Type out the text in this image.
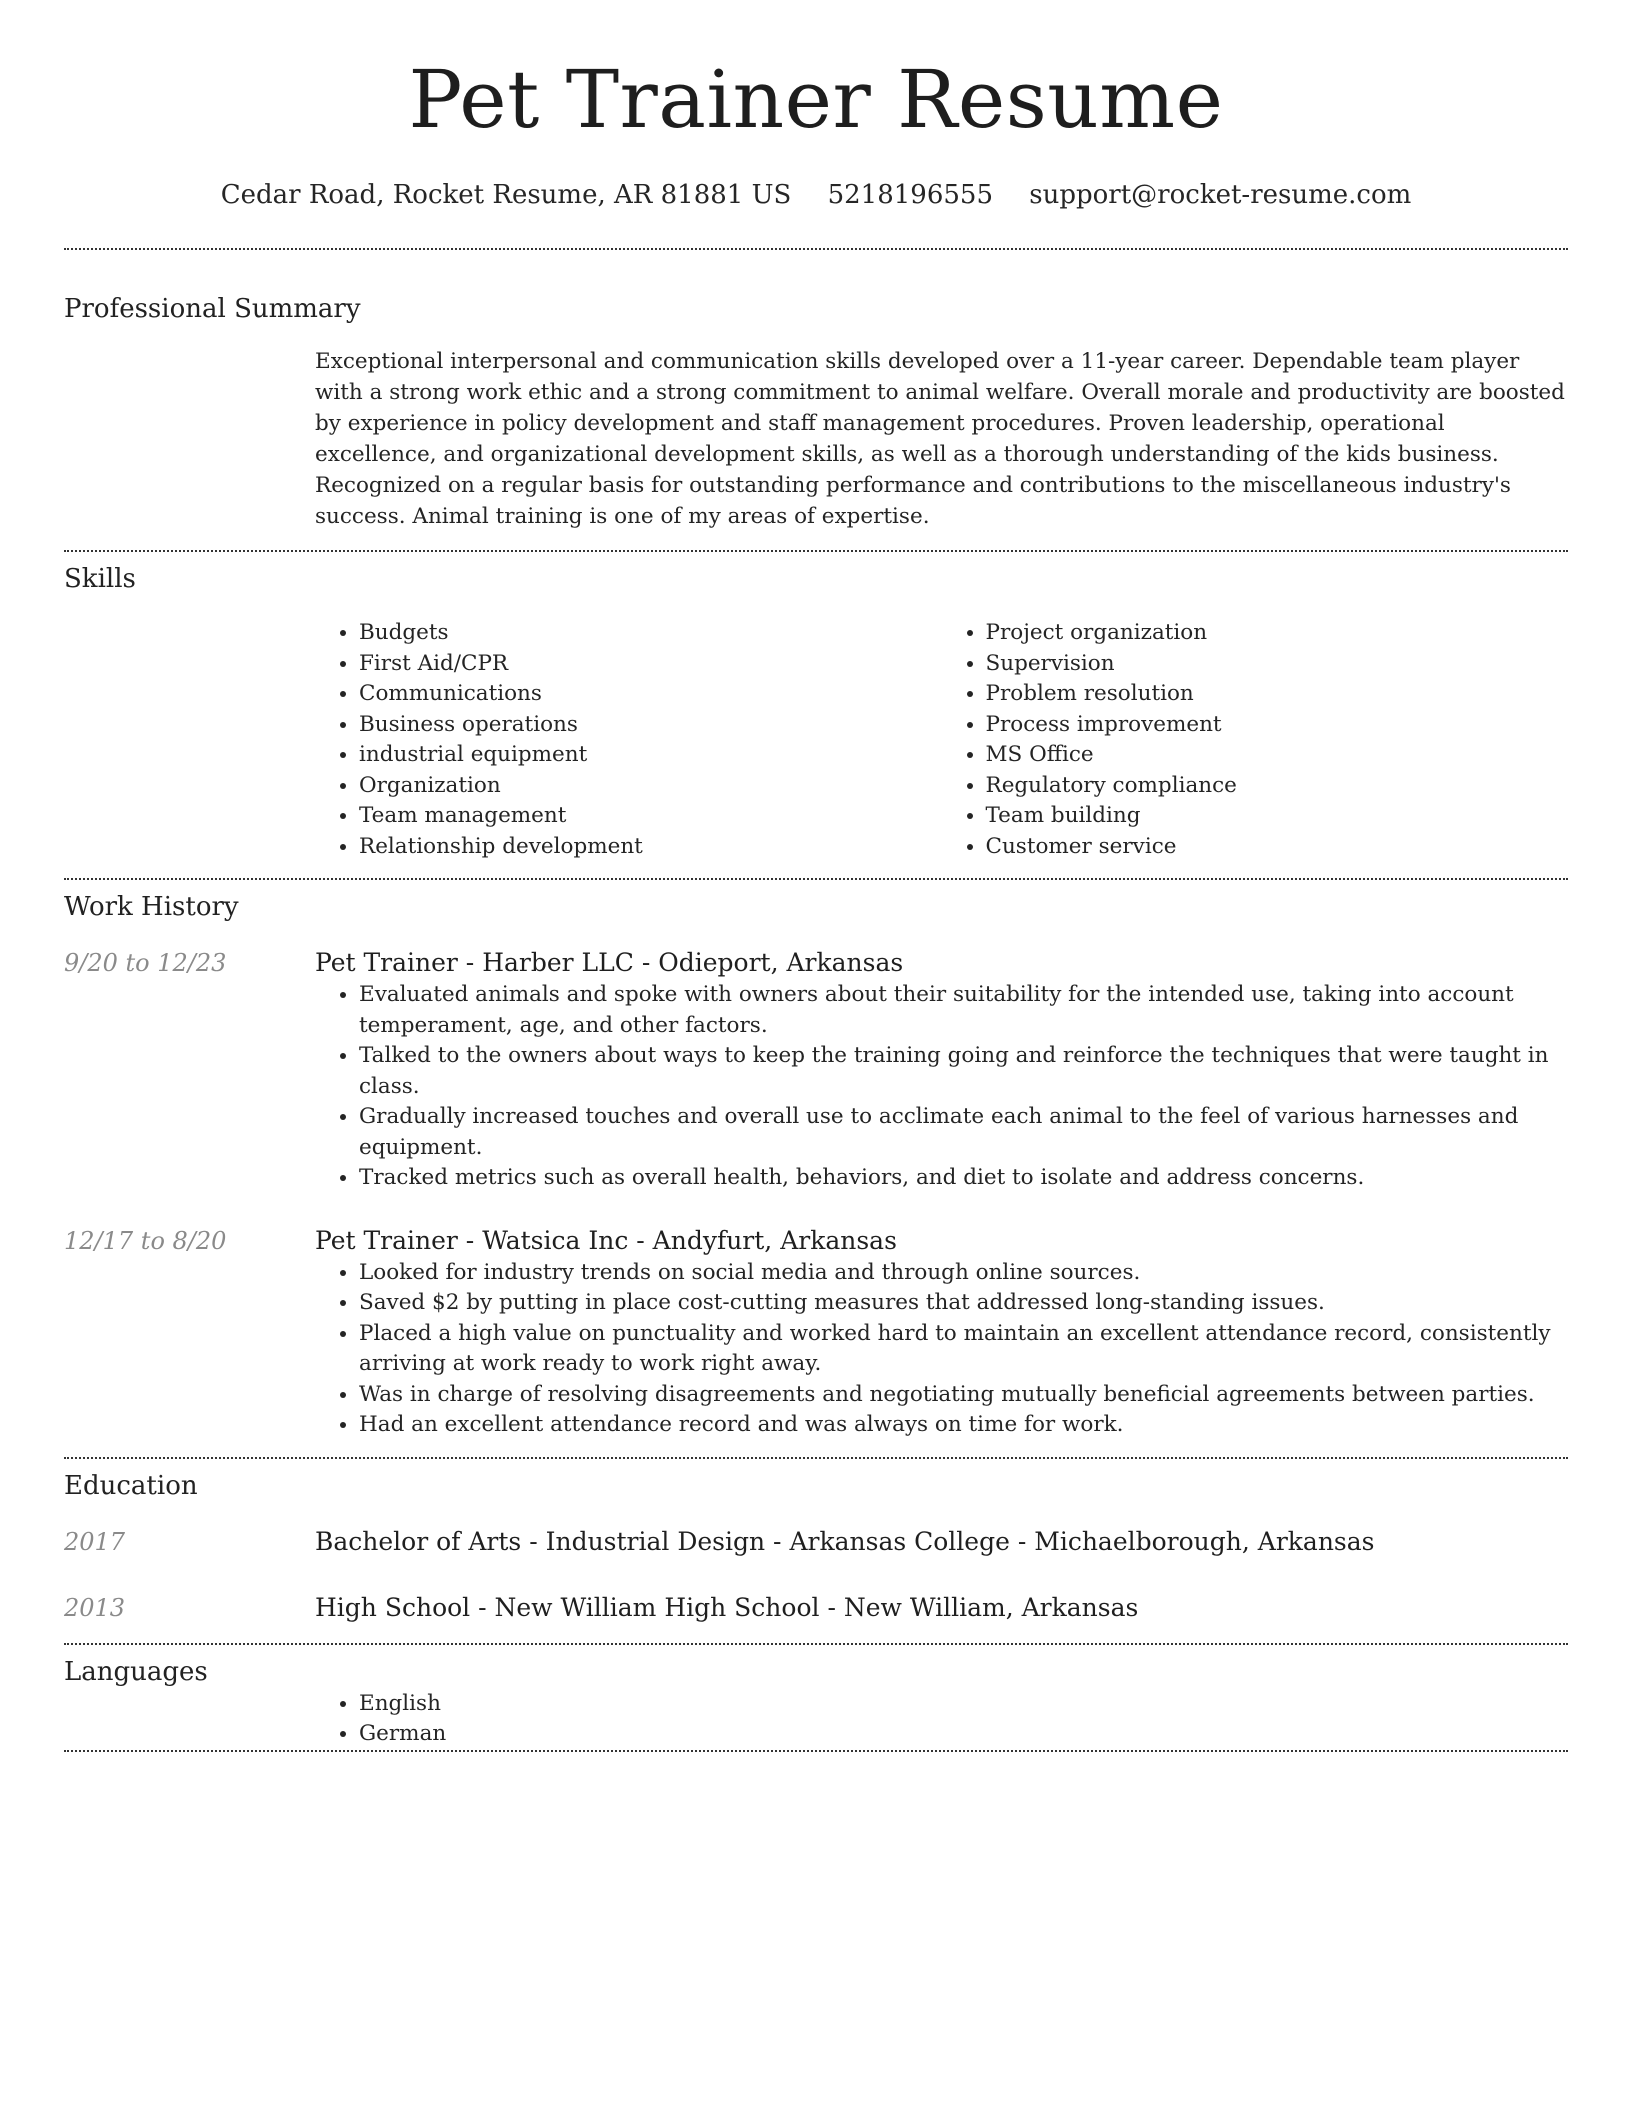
Pet Trainer Resume
Cedar Road, Rocket Resume, AR 81881 US 5218196555 support@rocket-resume.com
Professional Summary

Exceptional interpersonal and communication skills developed over a 11-year career. Dependable team player with a strong work ethic and a strong commitment to animal welfare. Overall morale and productivity are boosted by experience in policy development and staff management procedures. Proven leadership, operational excellence, and organizational development skills, as well as a thorough understanding of the kids business. Recognized on a regular basis for outstanding performance and contributions to the miscellaneous industry's success. Animal training is one of my areas of expertise.

Skills
• Budgets
• First Aid/CPR
• Communications
• Business operations
• industrial equipment
• Organization
• Team management
• Relationship development
• Project organization
• Supervision
• Problem resolution
• Process improvement
• MS Office
• Regulatory compliance
• Team building
• Customer service
Work History
9/20 to 12/23	Pet Trainer - Harber LLC - Odieport, Arkansas
• Evaluated animals and spoke with owners about their suitability for the intended use, taking into account temperament, age, and other factors.
• Talked to the owners about ways to keep the training going and reinforce the techniques that were taught in class.
• Gradually increased touches and overall use to acclimate each animal to the feel of various harnesses and equipment.
• Tracked metrics such as overall health, behaviors, and diet to isolate and address concerns.
12/17 to 8/20	Pet Trainer - Watsica Inc - Andyfurt, Arkansas
• Looked for industry trends on social media and through online sources.
• Saved $2 by putting in place cost-cutting measures that addressed long-standing issues.
• Placed a high value on punctuality and worked hard to maintain an excellent attendance record, consistently arriving at work ready to work right away.
• Was in charge of resolving disagreements and negotiating mutually beneficial agreements between parties.
• Had an excellent attendance record and was always on time for work.
Education
2017	Bachelor of Arts - Industrial Design - Arkansas College - Michaelborough, Arkansas
2013	High School - New William High School - New William, Arkansas
Languages
• English
• German
